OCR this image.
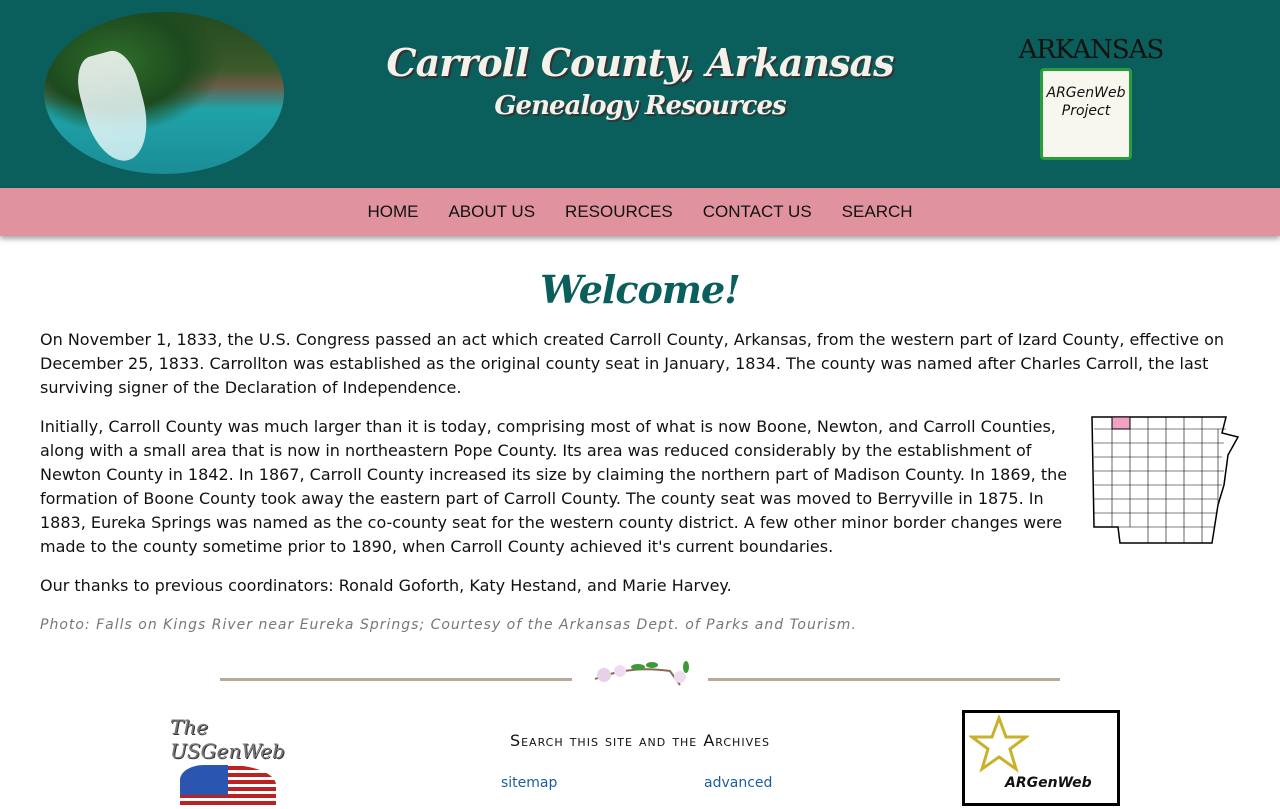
Carroll County, Arkansas
Genealogy Resources
ARKANSAS
ARGenWeb Project
HOME ABOUT US RESOURCES CONTACT US SEARCH
Welcome!

On November 1, 1833, the U.S. Congress passed an act which created Carroll County, Arkansas, from the western part of Izard County, effective on December 25, 1833. Carrollton was established as the original county seat in January, 1834. The county was named after Charles Carroll, the last surviving signer of the Declaration of Independence.

Initially, Carroll County was much larger than it is today, comprising most of what is now Boone, Newton, and Carroll Counties, along with a small area that is now in northeastern Pope County. Its area was reduced considerably by the establishment of Newton County in 1842. In 1867, Carroll County increased its size by claiming the northern part of Madison County. In 1869, the formation of Boone County took away the eastern part of Carroll County. The county seat was moved to Berryville in 1875. In 1883, Eureka Springs was named as the co-county seat for the western county district. A few other minor border changes were made to the county sometime prior to 1890, when Carroll County achieved it's current boundaries.

Our thanks to previous coordinators: Ronald Goforth, Katy Hestand, and Marie Harvey.

Photo: Falls on Kings River near Eureka Springs; Courtesy of the Arkansas Dept. of Parks and Tourism.

The USGenWeb	Search this site and the Archives
sitemap	advanced	ARGenWeb
